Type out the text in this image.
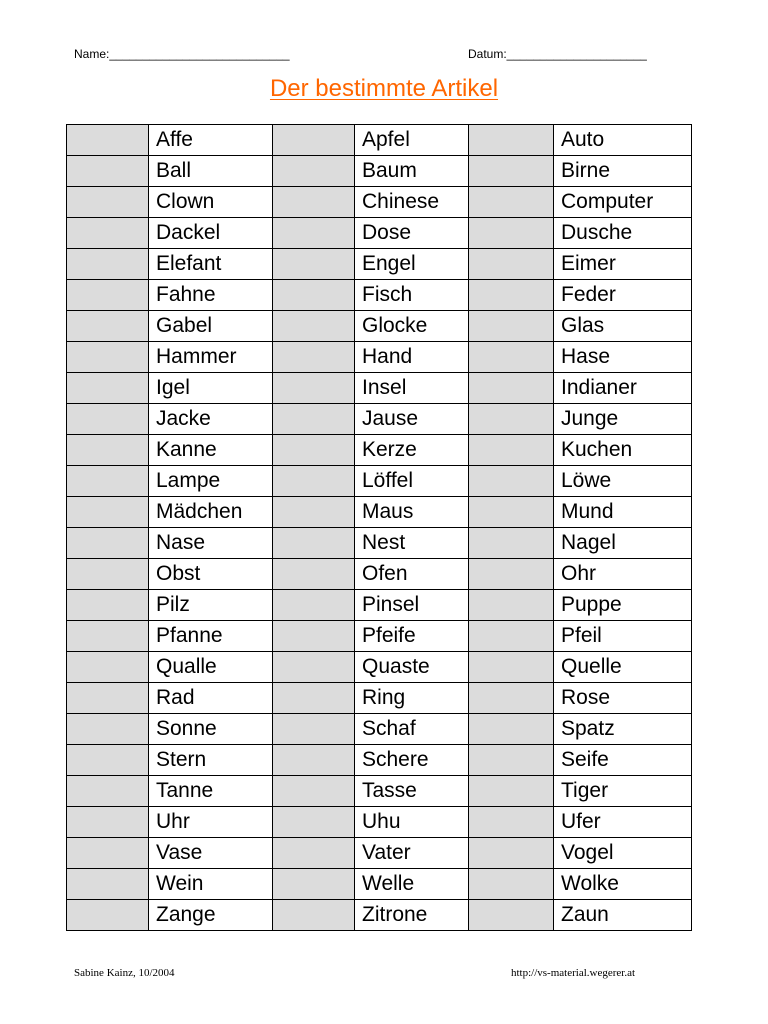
Name:___________________________	Datum:_____________________
Der bestimmte Artikel
	Affe		Apfel		Auto
	Ball		Baum		Birne
	Clown		Chinese		Computer
	Dackel		Dose		Dusche
	Elefant		Engel		Eimer
	Fahne		Fisch		Feder
	Gabel		Glocke		Glas
	Hammer		Hand		Hase
	Igel		Insel		Indianer
	Jacke		Jause		Junge
	Kanne		Kerze		Kuchen
	Lampe		Löffel		Löwe
	Mädchen		Maus		Mund
	Nase		Nest		Nagel
	Obst		Ofen		Ohr
	Pilz		Pinsel		Puppe
	Pfanne		Pfeife		Pfeil
	Qualle		Quaste		Quelle
	Rad		Ring		Rose
	Sonne		Schaf		Spatz
	Stern		Schere		Seife
	Tanne		Tasse		Tiger
	Uhr		Uhu		Ufer
	Vase		Vater		Vogel
	Wein		Welle		Wolke
	Zange		Zitrone		Zaun
Sabine Kainz, 10/2004	http://vs-material.wegerer.at
